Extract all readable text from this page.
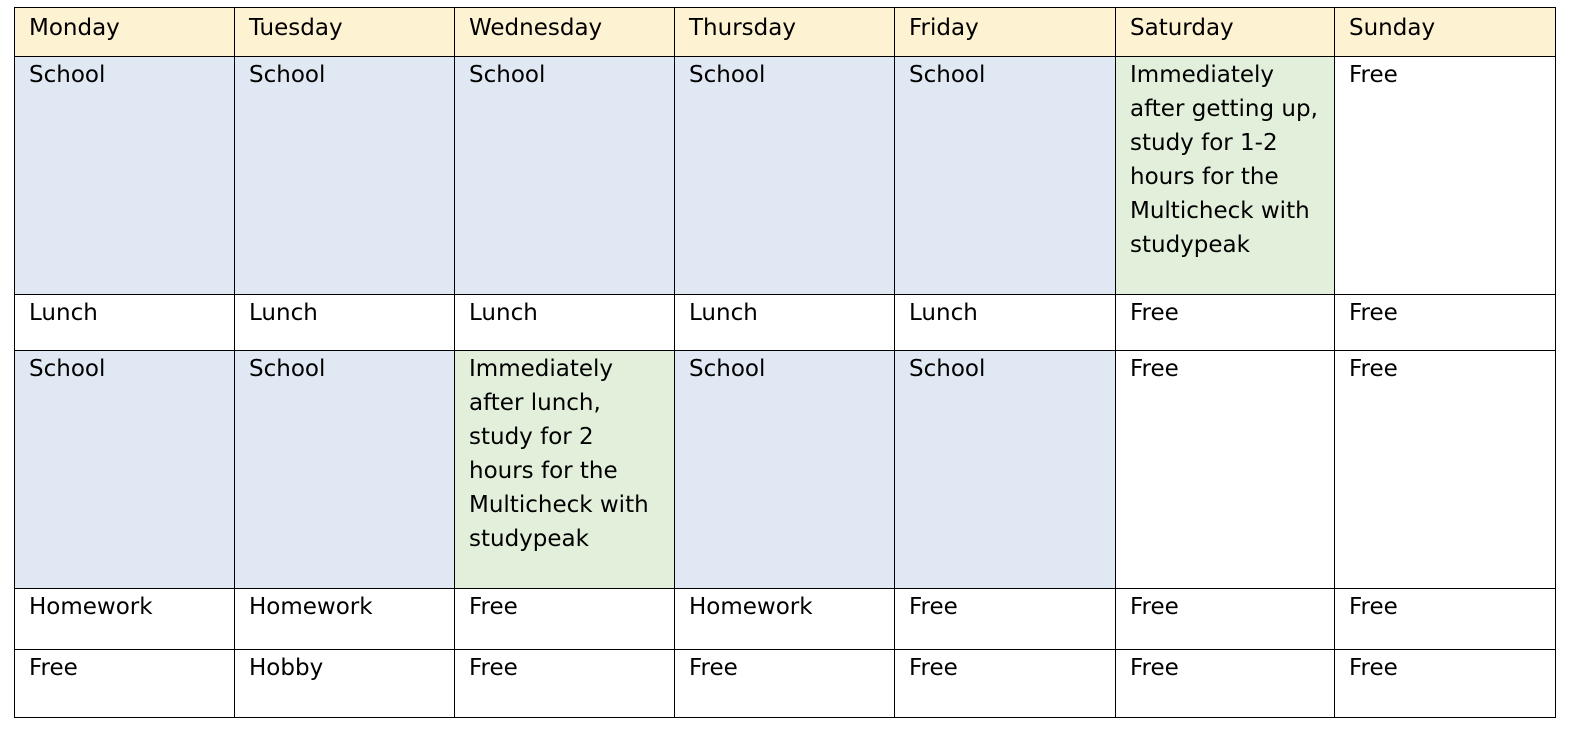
Monday	Tuesday	Wednesday	Thursday	Friday	Saturday	Sunday
School	School	School	School	School	Immediately after getting up, study for 1-2 hours for the Multicheck with studypeak	Free
Lunch	Lunch	Lunch	Lunch	Lunch	Free	Free
School	School	Immediately after lunch, study for 2 hours for the Multicheck with studypeak	School	School	Free	Free
Homework	Homework	Free	Homework	Free	Free	Free
Free	Hobby	Free	Free	Free	Free	Free
